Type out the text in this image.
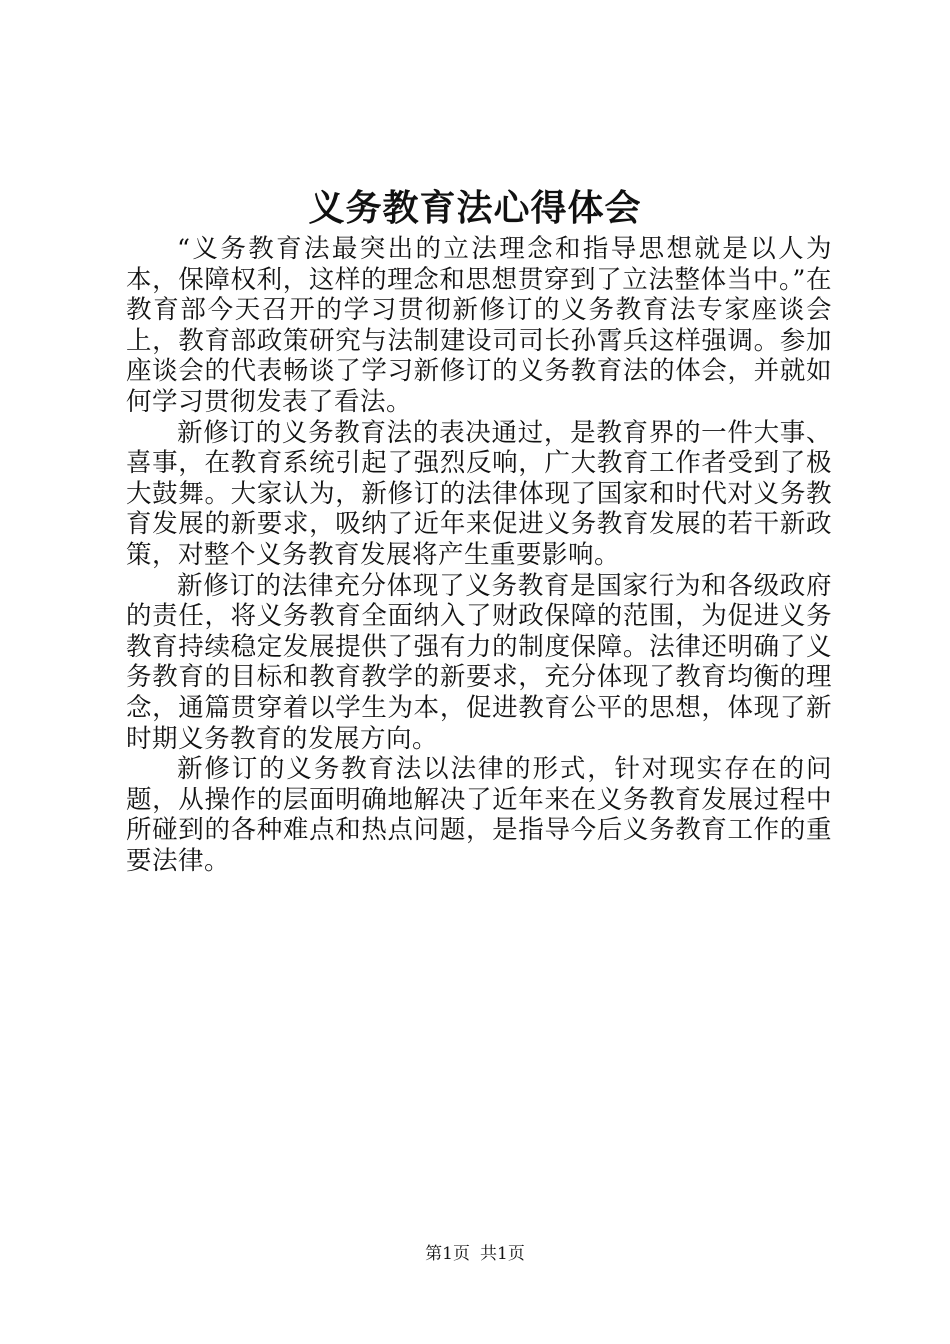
义务教育法心得体会

“义务教育法最突出的立法理念和指导思想就是以人为本，保障权利，这样的理念和思想贯穿到了立法整体当中。”在教育部今天召开的学习贯彻新修订的义务教育法专家座谈会上，教育部政策研究与法制建设司司长孙霄兵这样强调。参加座谈会的代表畅谈了学习新修订的义务教育法的体会，并就如何学习贯彻发表了看法。

新修订的义务教育法的表决通过，是教育界的一件大事、喜事，在教育系统引起了强烈反响，广大教育工作者受到了极大鼓舞。大家认为，新修订的法律体现了国家和时代对义务教育发展的新要求，吸纳了近年来促进义务教育发展的若干新政策，对整个义务教育发展将产生重要影响。

新修订的法律充分体现了义务教育是国家行为和各级政府的责任，将义务教育全面纳入了财政保障的范围，为促进义务教育持续稳定发展提供了强有力的制度保障。法律还明确了义务教育的目标和教育教学的新要求，充分体现了教育均衡的理念，通篇贯穿着以学生为本，促进教育公平的思想，体现了新时期义务教育的发展方向。

新修订的义务教育法以法律的形式，针对现实存在的问题，从操作的层面明确地解决了近年来在义务教育发展过程中所碰到的各种难点和热点问题，是指导今后义务教育工作的重要法律。

第1页 共1页
